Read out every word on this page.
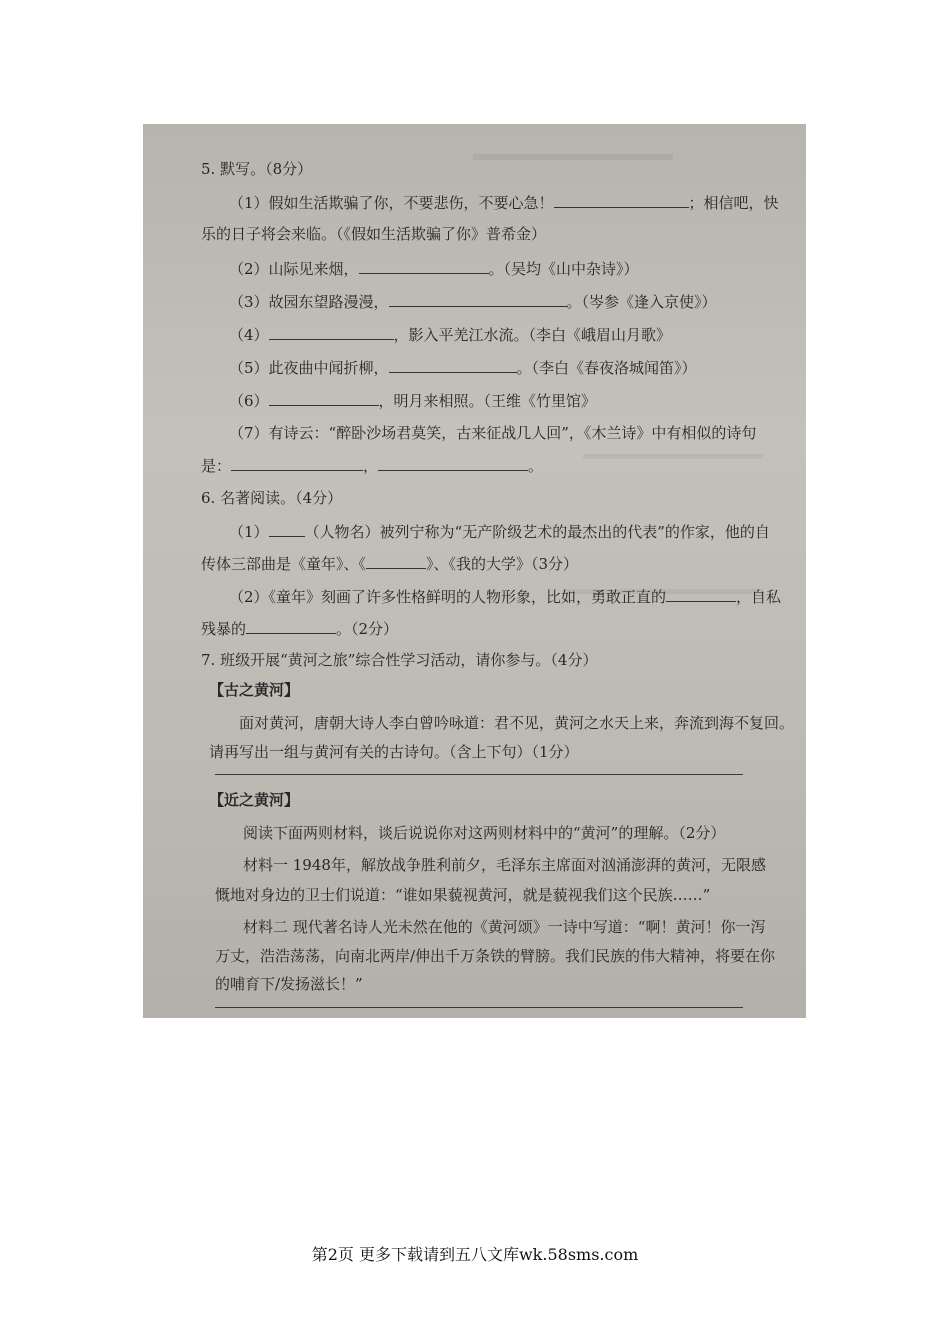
5. 默写。（8分）
（1）假如生活欺骗了你，不要悲伤，不要心急！	；相信吧，快
乐的日子将会来临。（《假如生活欺骗了你》普希金）
（2）山际见来烟，	。（吴均《山中杂诗》）
（3）故园东望路漫漫，	。（岑参《逢入京使》）
（4）	，影入平羌江水流。（李白《峨眉山月歌》
（5）此夜曲中闻折柳，	。（李白《春夜洛城闻笛》）
（6）	，明月来相照。（王维《竹里馆》
（7）有诗云：“醉卧沙场君莫笑，古来征战几人回”，《木兰诗》中有相似的诗句
是：	，	。
6. 名著阅读。（4分）
（1） （人物名）被列宁称为“无产阶级艺术的最杰出的代表”的作家，他的自
传体三部曲是《童年》、《	》、《我的大学》（3分）
（2）《童年》刻画了许多性格鲜明的人物形象，比如，勇敢正直的	，自私
残暴的	。（2分）
7. 班级开展“黄河之旅”综合性学习活动，请你参与。（4分）
【古之黄河】
面对黄河，唐朝大诗人李白曾吟咏道：君不见，黄河之水天上来，奔流到海不复回。
请再写出一组与黄河有关的古诗句。（含上下句）（1分）
【近之黄河】
阅读下面两则材料，谈后说说你对这两则材料中的“黄河”的理解。（2分）
材料一 1948年，解放战争胜利前夕，毛泽东主席面对汹涌澎湃的黄河，无限感
慨地对身边的卫士们说道：“谁如果藐视黄河，就是藐视我们这个民族……”
材料二 现代著名诗人光未然在他的《黄河颂》一诗中写道：“啊！黄河！你一泻
万丈，浩浩荡荡，向南北两岸/伸出千万条铁的臂膀。我们民族的伟大精神，将要在你
的哺育下/发扬滋长！”
第2页 更多下载请到五八文库wk.58sms.com
